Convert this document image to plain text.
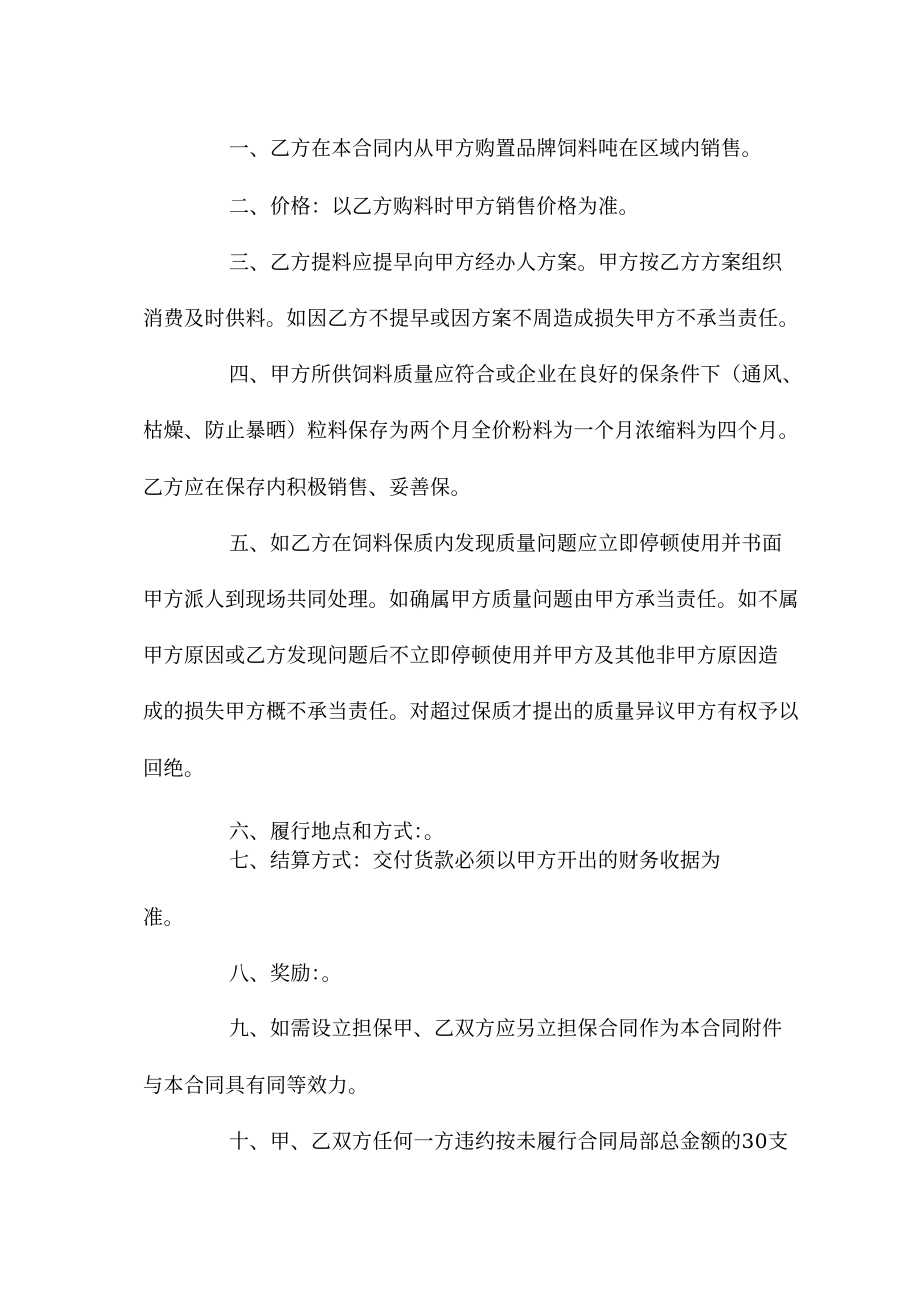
一、乙方在本合同内从甲方购置品牌饲料吨在区域内销售。
二、价格：以乙方购料时甲方销售价格为准。
三、乙方提料应提早向甲方经办人方案。甲方按乙方方案组织
消费及时供料。如因乙方不提早或因方案不周造成损失甲方不承当责任。
四、甲方所供饲料质量应符合或企业在良好的保条件下（通风、
枯燥、防止暴晒）粒料保存为两个月全价粉料为一个月浓缩料为四个月。
乙方应在保存内积极销售、妥善保。
五、如乙方在饲料保质内发现质量问题应立即停顿使用并书面
甲方派人到现场共同处理。如确属甲方质量问题由甲方承当责任。如不属
甲方原因或乙方发现问题后不立即停顿使用并甲方及其他非甲方原因造
成的损失甲方概不承当责任。对超过保质才提出的质量异议甲方有权予以
回绝。
六、履行地点和方式：。
七、结算方式：交付货款必须以甲方开出的财务收据为
准。
八、奖励：。
九、如需设立担保甲、乙双方应另立担保合同作为本合同附件
与本合同具有同等效力。
十、甲、乙双方任何一方违约按未履行合同局部总金额的30支
